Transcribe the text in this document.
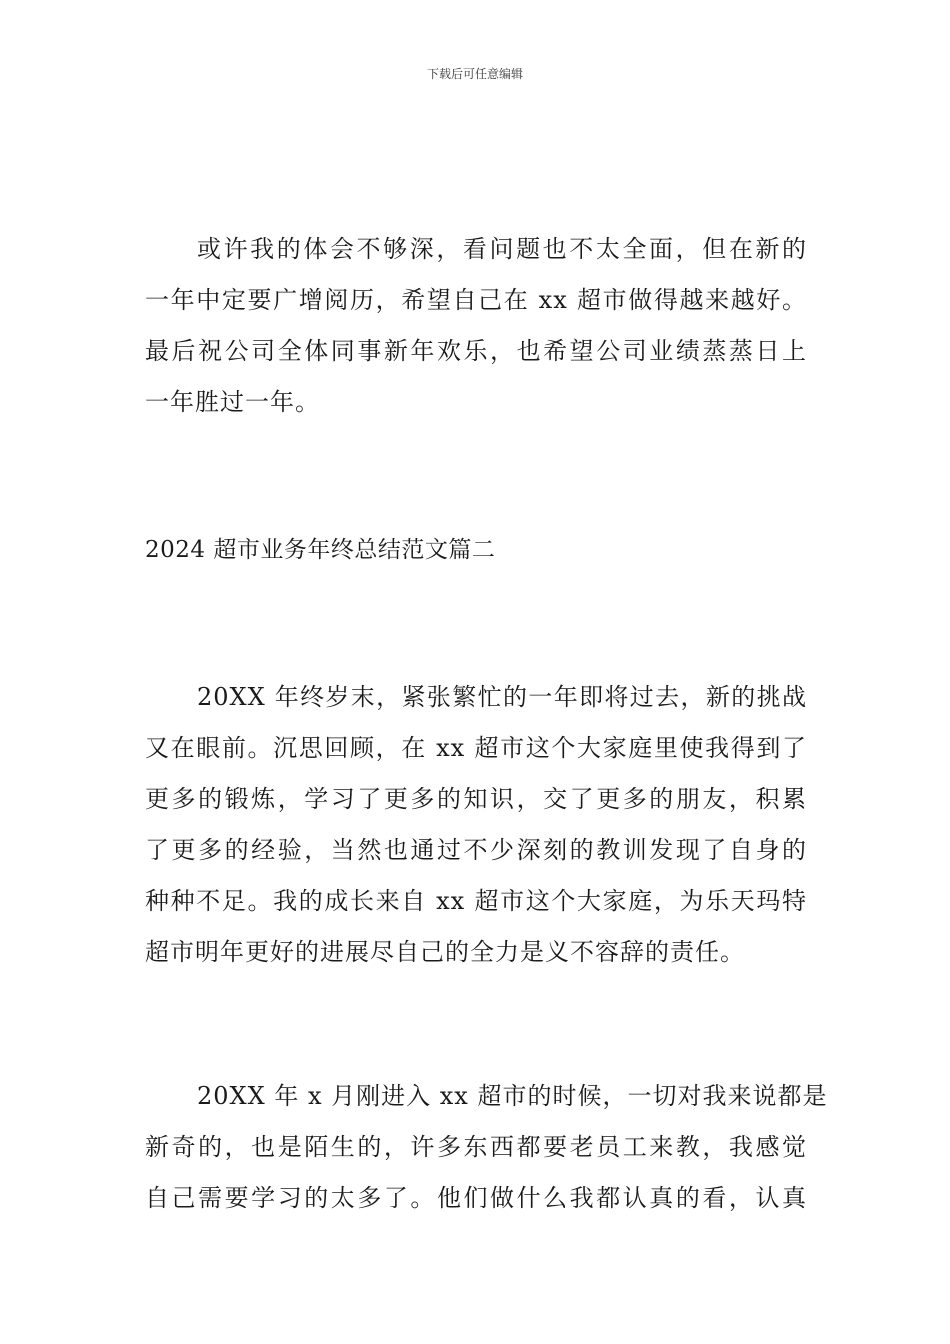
下载后可任意编辑
或许我的体会不够深，看问题也不太全面，但在新的
一年中定要广增阅历，希望自己在 xx 超市做得越来越好。
最后祝公司全体同事新年欢乐，也希望公司业绩蒸蒸日上
一年胜过一年。
2024 超市业务年终总结范文篇二
20XX 年终岁末，紧张繁忙的一年即将过去，新的挑战
又在眼前。沉思回顾，在 xx 超市这个大家庭里使我得到了
更多的锻炼，学习了更多的知识，交了更多的朋友，积累
了更多的经验，当然也通过不少深刻的教训发现了自身的
种种不足。我的成长来自 xx 超市这个大家庭，为乐天玛特
超市明年更好的进展尽自己的全力是义不容辞的责任。
20XX 年 x 月刚进入 xx 超市的时候，一切对我来说都是
新奇的，也是陌生的，许多东西都要老员工来教，我感觉
自己需要学习的太多了。他们做什么我都认真的看，认真
